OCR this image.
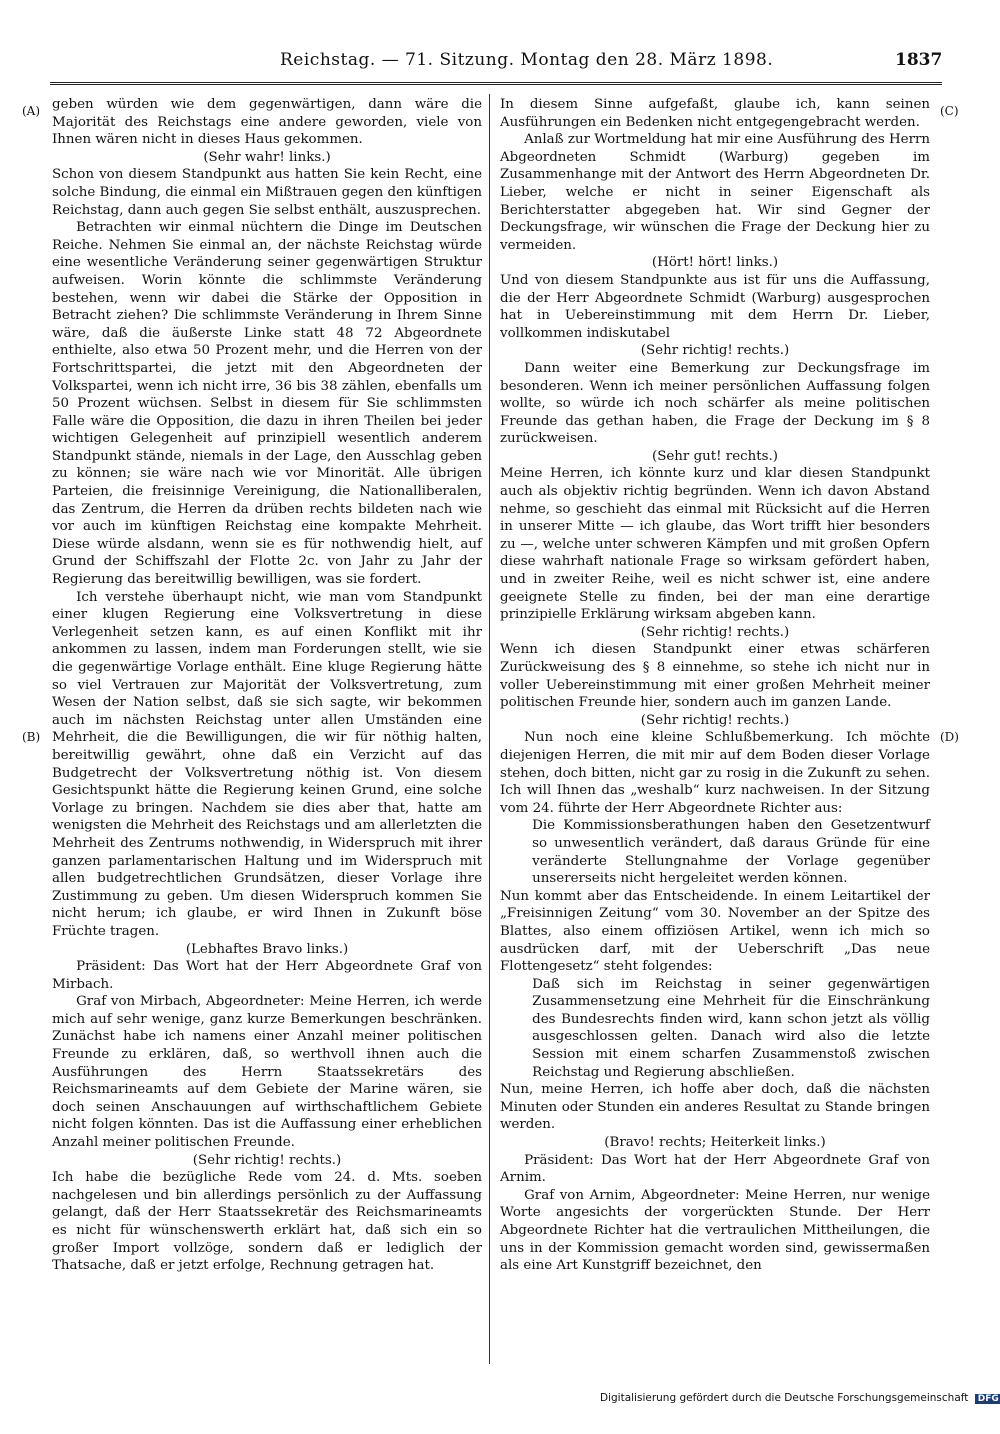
Reichstag. — 71. Sitzung. Montag den 28. März 1898.	1837
(A)
(B)
(C)
(D)

geben würden wie dem gegenwärtigen, dann wäre die Majorität des Reichstags eine andere geworden, viele von Ihnen wären nicht in dieses Haus gekommen.

(Sehr wahr! links.)

Schon von diesem Standpunkt aus hatten Sie kein Recht, eine solche Bindung, die einmal ein Mißtrauen gegen den künftigen Reichstag, dann auch gegen Sie selbst enthält, auszusprechen.

Betrachten wir einmal nüchtern die Dinge im Deutschen Reiche. Nehmen Sie einmal an, der nächste Reichstag würde eine wesentliche Veränderung seiner gegenwärtigen Struktur aufweisen. Worin könnte die schlimmste Veränderung bestehen, wenn wir dabei die Stärke der Opposition in Betracht ziehen? Die schlimmste Veränderung in Ihrem Sinne wäre, daß die äußerste Linke statt 48 72 Abgeordnete enthielte, also etwa 50 Prozent mehr, und die Herren von der Fortschrittspartei, die jetzt mit den Abgeordneten der Volkspartei, wenn ich nicht irre, 36 bis 38 zählen, ebenfalls um 50 Prozent wüchsen. Selbst in diesem für Sie schlimmsten Falle wäre die Opposition, die dazu in ihren Theilen bei jeder wichtigen Gelegenheit auf prinzipiell wesentlich anderem Standpunkt stände, niemals in der Lage, den Ausschlag geben zu können; sie wäre nach wie vor Minorität. Alle übrigen Parteien, die freisinnige Vereinigung, die Nationalliberalen, das Zentrum, die Herren da drüben rechts bildeten nach wie vor auch im künftigen Reichstag eine kompakte Mehrheit. Diese würde alsdann, wenn sie es für nothwendig hielt, auf Grund der Schiffszahl der Flotte 2c. von Jahr zu Jahr der Regierung das bereitwillig bewilligen, was sie fordert.

Ich verstehe überhaupt nicht, wie man vom Standpunkt einer klugen Regierung eine Volksvertretung in diese Verlegenheit setzen kann, es auf einen Konflikt mit ihr ankommen zu lassen, indem man Forderungen stellt, wie sie die gegenwärtige Vorlage enthält. Eine kluge Regierung hätte so viel Vertrauen zur Majorität der Volksvertretung, zum Wesen der Nation selbst, daß sie sich sagte, wir bekommen auch im nächsten Reichstag unter allen Umständen eine Mehrheit, die die Bewilligungen, die wir für nöthig halten, bereitwillig gewährt, ohne daß ein Verzicht auf das Budgetrecht der Volksvertretung nöthig ist. Von diesem Gesichtspunkt hätte die Regierung keinen Grund, eine solche Vorlage zu bringen. Nachdem sie dies aber that, hatte am wenigsten die Mehrheit des Reichstags und am allerletzten die Mehrheit des Zentrums nothwendig, in Widerspruch mit ihrer ganzen parlamentarischen Haltung und im Widerspruch mit allen budgetrechtlichen Grundsätzen, dieser Vorlage ihre Zustimmung zu geben. Um diesen Widerspruch kommen Sie nicht herum; ich glaube, er wird Ihnen in Zukunft böse Früchte tragen.

(Lebhaftes Bravo links.)

Präsident: Das Wort hat der Herr Abgeordnete Graf von Mirbach.

Graf von Mirbach, Abgeordneter: Meine Herren, ich werde mich auf sehr wenige, ganz kurze Bemerkungen beschränken. Zunächst habe ich namens einer Anzahl meiner politischen Freunde zu erklären, daß, so werthvoll ihnen auch die Ausführungen des Herrn Staatssekretärs des Reichsmarineamts auf dem Gebiete der Marine wären, sie doch seinen Anschauungen auf wirthschaftlichem Gebiete nicht folgen könnten. Das ist die Auffassung einer erheblichen Anzahl meiner politischen Freunde.

(Sehr richtig! rechts.)

Ich habe die bezügliche Rede vom 24. d. Mts. soeben nachgelesen und bin allerdings persönlich zu der Auffassung gelangt, daß der Herr Staatssekretär des Reichsmarineamts es nicht für wünschenswerth erklärt hat, daß sich ein so großer Import vollzöge, sondern daß er lediglich der Thatsache, daß er jetzt erfolge, Rechnung getragen hat.

In diesem Sinne aufgefaßt, glaube ich, kann seinen Ausführungen ein Bedenken nicht entgegengebracht werden.

Anlaß zur Wortmeldung hat mir eine Ausführung des Herrn Abgeordneten Schmidt (Warburg) gegeben im Zusammenhange mit der Antwort des Herrn Abgeordneten Dr. Lieber, welche er nicht in seiner Eigenschaft als Berichterstatter abgegeben hat. Wir sind Gegner der Deckungsfrage, wir wünschen die Frage der Deckung hier zu vermeiden.

(Hört! hört! links.)

Und von diesem Standpunkte aus ist für uns die Auffassung, die der Herr Abgeordnete Schmidt (Warburg) ausgesprochen hat in Uebereinstimmung mit dem Herrn Dr. Lieber, vollkommen indiskutabel

(Sehr richtig! rechts.)

Dann weiter eine Bemerkung zur Deckungsfrage im besonderen. Wenn ich meiner persönlichen Auffassung folgen wollte, so würde ich noch schärfer als meine politischen Freunde das gethan haben, die Frage der Deckung im § 8 zurückweisen.

(Sehr gut! rechts.)

Meine Herren, ich könnte kurz und klar diesen Standpunkt auch als objektiv richtig begründen. Wenn ich davon Abstand nehme, so geschieht das einmal mit Rücksicht auf die Herren in unserer Mitte — ich glaube, das Wort trifft hier besonders zu —, welche unter schweren Kämpfen und mit großen Opfern diese wahrhaft nationale Frage so wirksam gefördert haben, und in zweiter Reihe, weil es nicht schwer ist, eine andere geeignete Stelle zu finden, bei der man eine derartige prinzipielle Erklärung wirksam abgeben kann.

(Sehr richtig! rechts.)

Wenn ich diesen Standpunkt einer etwas schärferen Zurückweisung des § 8 einnehme, so stehe ich nicht nur in voller Uebereinstimmung mit einer großen Mehrheit meiner politischen Freunde hier, sondern auch im ganzen Lande.

(Sehr richtig! rechts.)

Nun noch eine kleine Schlußbemerkung. Ich möchte diejenigen Herren, die mit mir auf dem Boden dieser Vorlage stehen, doch bitten, nicht gar zu rosig in die Zukunft zu sehen. Ich will Ihnen das „weshalb“ kurz nachweisen. In der Sitzung vom 24. führte der Herr Abgeordnete Richter aus:

Die Kommissionsberathungen haben den Gesetzentwurf so unwesentlich verändert, daß daraus Gründe für eine veränderte Stellungnahme der Vorlage gegenüber unsererseits nicht hergeleitet werden können.

Nun kommt aber das Entscheidende. In einem Leitartikel der „Freisinnigen Zeitung“ vom 30. November an der Spitze des Blattes, also einem offiziösen Artikel, wenn ich mich so ausdrücken darf, mit der Ueberschrift „Das neue Flottengesetz“ steht folgendes:

Daß sich im Reichstag in seiner gegenwärtigen Zusammensetzung eine Mehrheit für die Einschränkung des Bundesrechts finden wird, kann schon jetzt als völlig ausgeschlossen gelten. Danach wird also die letzte Session mit einem scharfen Zusammenstoß zwischen Reichstag und Regierung abschließen.

Nun, meine Herren, ich hoffe aber doch, daß die nächsten Minuten oder Stunden ein anderes Resultat zu Stande bringen werden.

(Bravo! rechts; Heiterkeit links.)

Präsident: Das Wort hat der Herr Abgeordnete Graf von Arnim.

Graf von Arnim, Abgeordneter: Meine Herren, nur wenige Worte angesichts der vorgerückten Stunde. Der Herr Abgeordnete Richter hat die vertraulichen Mittheilungen, die uns in der Kommission gemacht worden sind, gewissermaßen als eine Art Kunstgriff bezeichnet, den

Digitalisierung gefördert durch die Deutsche Forschungsgemeinschaft DFG
